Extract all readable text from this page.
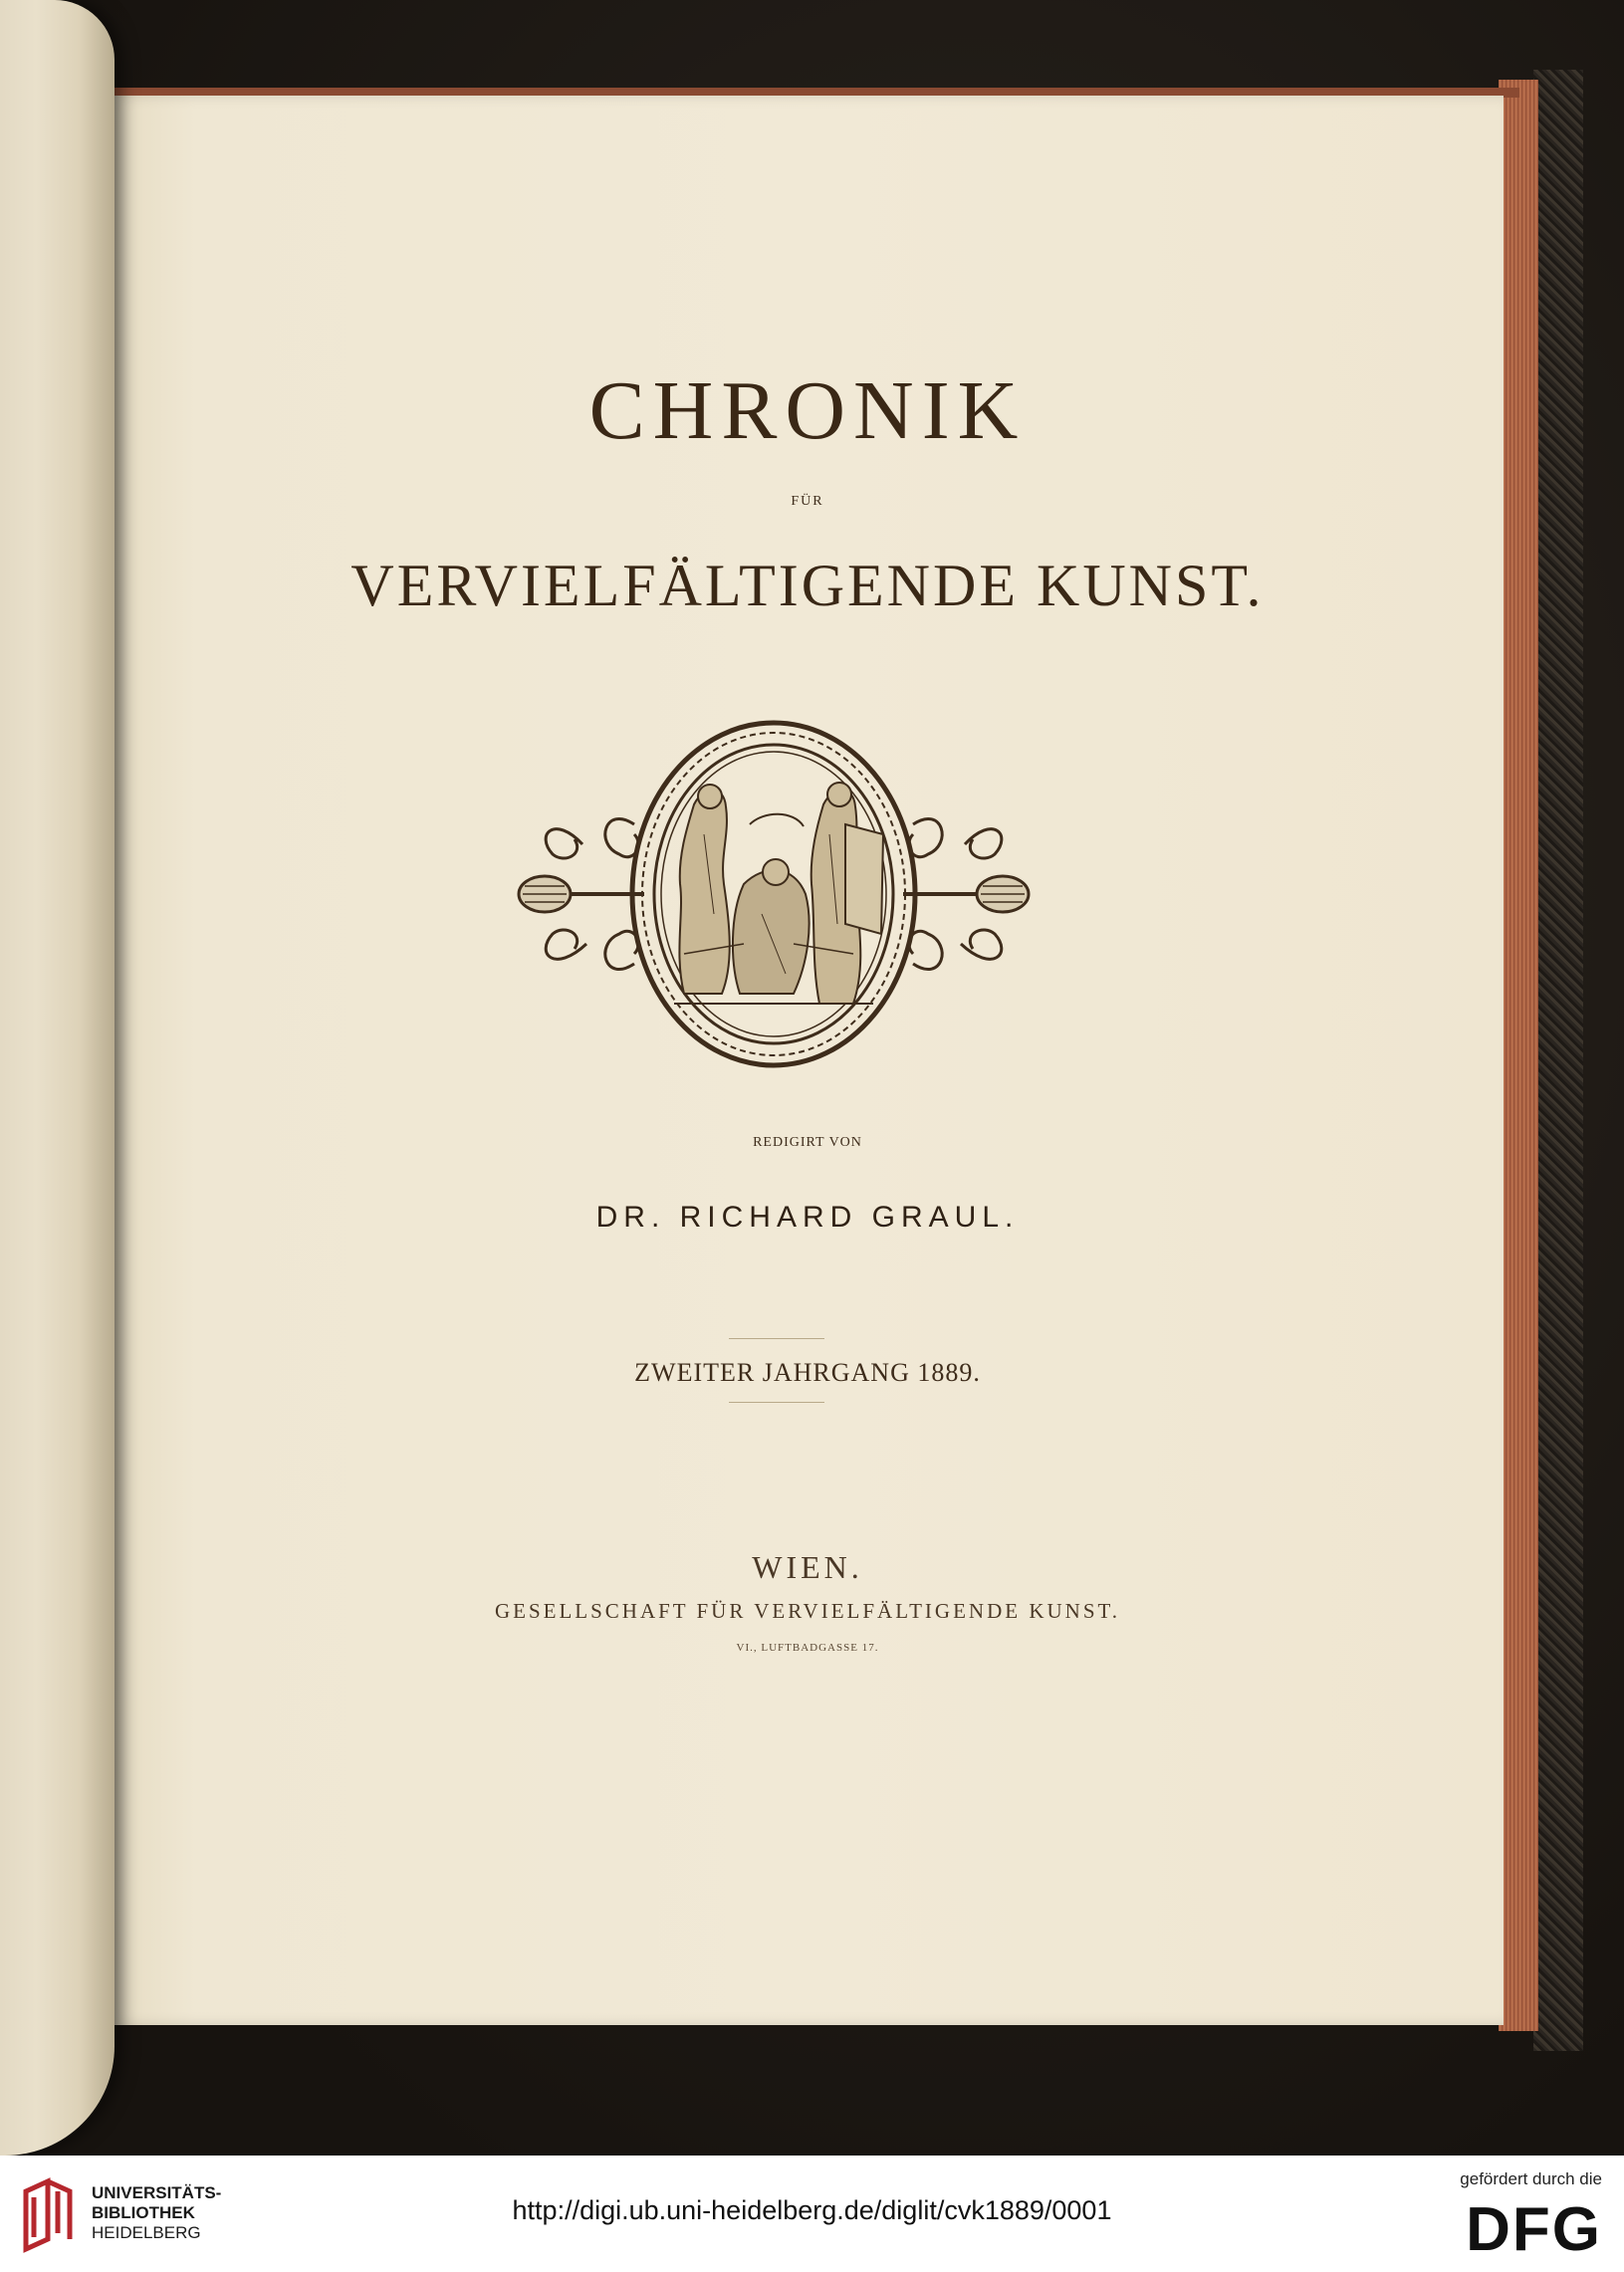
CHRONIK
FÜR
VERVIELFÄLTIGENDE KUNST.
REDIGIRT VON
DR. RICHARD GRAUL.
ZWEITER JAHRGANG 1889.
WIEN.
GESELLSCHAFT FÜR VERVIELFÄLTIGENDE KUNST.
VI., LUFTBADGASSE 17.
UNIVERSITÄTS-
BIBLIOTHEK
HEIDELBERG
http://digi.ub.uni-heidelberg.de/diglit/cvk1889/0001
gefördert durch die
DFG
